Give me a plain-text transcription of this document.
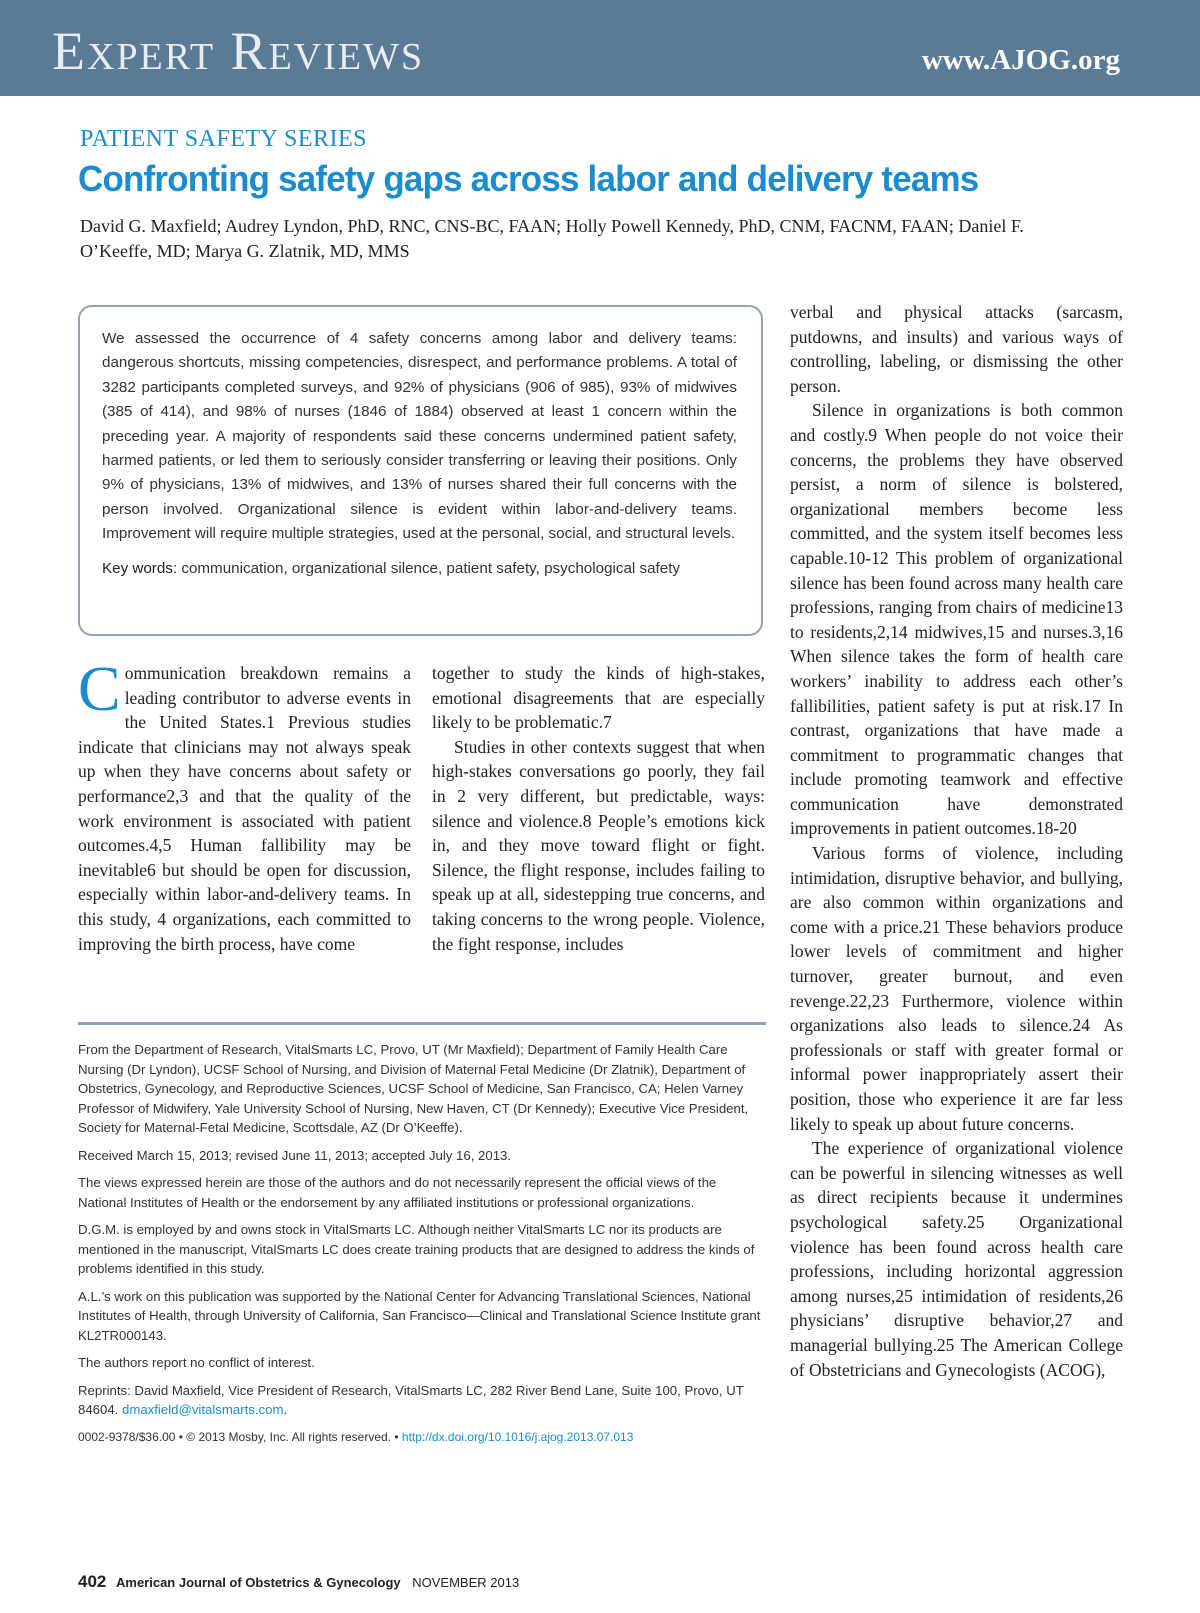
Expert Reviews	www.AJOG.org
PATIENT SAFETY SERIES
Confronting safety gaps across labor and delivery teams
David G. Maxfield; Audrey Lyndon, PhD, RNC, CNS-BC, FAAN; Holly Powell Kennedy, PhD, CNM, FACNM, FAAN; Daniel F. O’Keeffe, MD; Marya G. Zlatnik, MD, MMS

We assessed the occurrence of 4 safety concerns among labor and delivery teams: dangerous shortcuts, missing competencies, disrespect, and performance problems. A total of 3282 participants completed surveys, and 92% of physicians (906 of 985), 93% of midwives (385 of 414), and 98% of nurses (1846 of 1884) observed at least 1 concern within the preceding year. A majority of respondents said these concerns undermined patient safety, harmed patients, or led them to seriously consider transferring or leaving their positions. Only 9% of physicians, 13% of midwives, and 13% of nurses shared their full concerns with the person involved. Organizational silence is evident within labor-and-delivery teams. Improvement will require multiple strategies, used at the personal, social, and structural levels.

Key words: communication, organizational silence, patient safety, psychological safety

Communication breakdown remains a leading contributor to adverse events in the United States.1 Previous studies indicate that clinicians may not always speak up when they have concerns about safety or performance2,3 and that the quality of the work environment is associated with patient outcomes.4,5 Human fallibility may be inevitable6 but should be open for discussion, especially within labor-and-delivery teams. In this study, 4 organizations, each committed to improving the birth process, have come

together to study the kinds of high-stakes, emotional disagreements that are especially likely to be problematic.7

Studies in other contexts suggest that when high-stakes conversations go poorly, they fail in 2 very different, but predictable, ways: silence and violence.8 People’s emotions kick in, and they move toward flight or fight. Silence, the flight response, includes failing to speak up at all, sidestepping true concerns, and taking concerns to the wrong people. Violence, the fight response, includes

verbal and physical attacks (sarcasm, putdowns, and insults) and various ways of controlling, labeling, or dismissing the other person.

Silence in organizations is both common and costly.9 When people do not voice their concerns, the problems they have observed persist, a norm of silence is bolstered, organizational members become less committed, and the system itself becomes less capable.10-12 This problem of organizational silence has been found across many health care professions, ranging from chairs of medicine13 to residents,2,14 midwives,15 and nurses.3,16 When silence takes the form of health care workers’ inability to address each other’s fallibilities, patient safety is put at risk.17 In contrast, organizations that have made a commitment to programmatic changes that include promoting teamwork and effective communication have demonstrated improvements in patient outcomes.18-20

Various forms of violence, including intimidation, disruptive behavior, and bullying, are also common within organizations and come with a price.21 These behaviors produce lower levels of commitment and higher turnover, greater burnout, and even revenge.22,23 Furthermore, violence within organizations also leads to silence.24 As professionals or staff with greater formal or informal power inappropriately assert their position, those who experience it are far less likely to speak up about future concerns.

The experience of organizational violence can be powerful in silencing witnesses as well as direct recipients because it undermines psychological safety.25 Organizational violence has been found across health care professions, including horizontal aggression among nurses,25 intimidation of residents,26 physicians’ disruptive behavior,27 and managerial bullying.25 The American College of Obstetricians and Gynecologists (ACOG),

From the Department of Research, VitalSmarts LC, Provo, UT (Mr Maxfield); Department of Family Health Care Nursing (Dr Lyndon), UCSF School of Nursing, and Division of Maternal Fetal Medicine (Dr Zlatnik), Department of Obstetrics, Gynecology, and Reproductive Sciences, UCSF School of Medicine, San Francisco, CA; Helen Varney Professor of Midwifery, Yale University School of Nursing, New Haven, CT (Dr Kennedy); Executive Vice President, Society for Maternal-Fetal Medicine, Scottsdale, AZ (Dr O’Keeffe).

Received March 15, 2013; revised June 11, 2013; accepted July 16, 2013.

The views expressed herein are those of the authors and do not necessarily represent the official views of the National Institutes of Health or the endorsement by any affiliated institutions or professional organizations.

D.G.M. is employed by and owns stock in VitalSmarts LC. Although neither VitalSmarts LC nor its products are mentioned in the manuscript, VitalSmarts LC does create training products that are designed to address the kinds of problems identified in this study.

A.L.’s work on this publication was supported by the National Center for Advancing Translational Sciences, National Institutes of Health, through University of California, San Francisco—Clinical and Translational Science Institute grant KL2TR000143.

The authors report no conflict of interest.

Reprints: David Maxfield, Vice President of Research, VitalSmarts LC, 282 River Bend Lane, Suite 100, Provo, UT 84604. dmaxfield@vitalsmarts.com.

0002-9378/$36.00 • © 2013 Mosby, Inc. All rights reserved. • http://dx.doi.org/10.1016/j.ajog.2013.07.013

402 American Journal of Obstetrics & Gynecology NOVEMBER 2013
